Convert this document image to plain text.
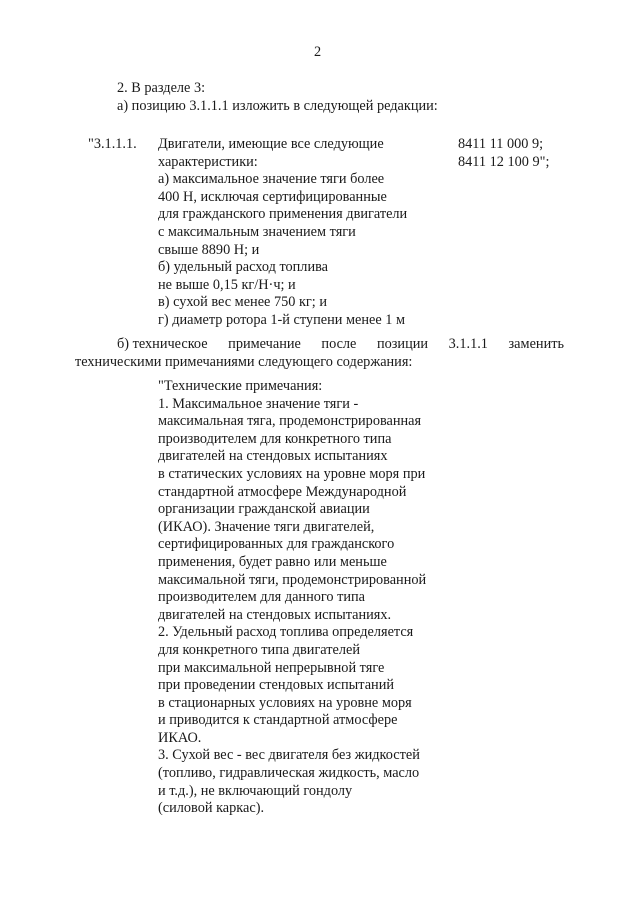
2
2. В разделе 3:
а) позицию 3.1.1.1 изложить в следующей редакции:
"3.1.1.1. Двигатели, имеющие все следующие
характеристики:
а) максимальное значение тяги более
400 Н, исключая сертифицированные
для гражданского применения двигатели
с максимальным значением тяги
свыше 8890 Н; и
б) удельный расход топлива
не выше 0,15 кг/Н·ч; и
в) сухой вес менее 750 кг; и
г) диаметр ротора 1-й ступени менее 1 м
8411 11 000 9;
8411 12 100 9";
б) техническое примечание после позиции 3.1.1.1 заменить
техническими примечаниями следующего содержания:
"Технические примечания:
1. Максимальное значение тяги -
максимальная тяга, продемонстрированная
производителем для конкретного типа
двигателей на стендовых испытаниях
в статических условиях на уровне моря при
стандартной атмосфере Международной
организации гражданской авиации
(ИКАО). Значение тяги двигателей,
сертифицированных для гражданского
применения, будет равно или меньше
максимальной тяги, продемонстрированной
производителем для данного типа
двигателей на стендовых испытаниях.
2. Удельный расход топлива определяется
для конкретного типа двигателей
при максимальной непрерывной тяге
при проведении стендовых испытаний
в стационарных условиях на уровне моря
и приводится к стандартной атмосфере
ИКАО.
3. Сухой вес - вес двигателя без жидкостей
(топливо, гидравлическая жидкость, масло
и т.д.), не включающий гондолу
(силовой каркас).
